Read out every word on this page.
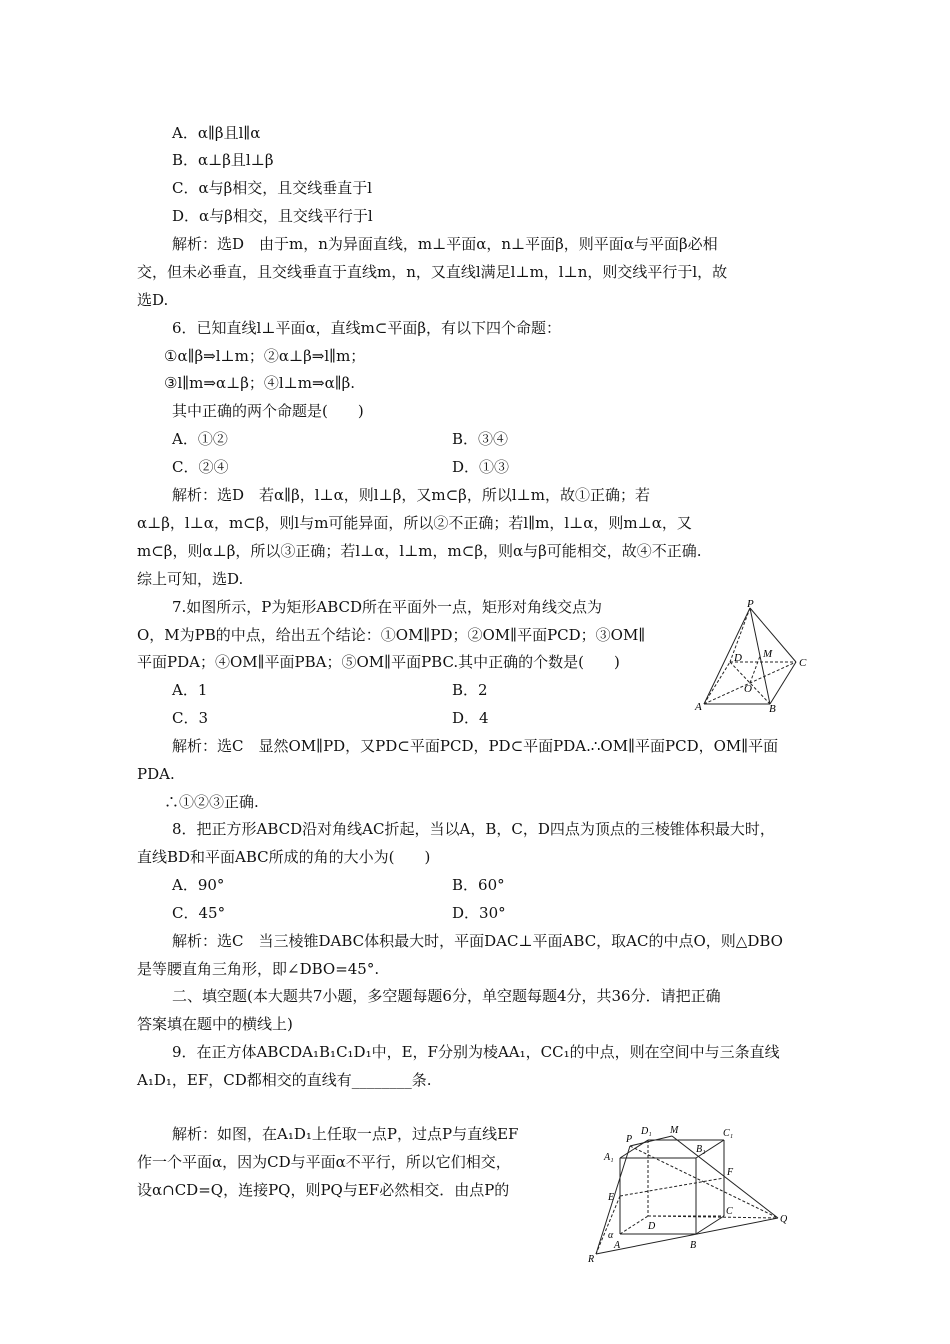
A．α∥β且l∥α
B．α⊥β且l⊥β
C．α与β相交，且交线垂直于l
D．α与β相交，且交线平行于l
解析：选D　由于m，n为异面直线，m⊥平面α，n⊥平面β，则平面α与平面β必相
交，但未必垂直，且交线垂直于直线m，n，又直线l满足l⊥m，l⊥n，则交线平行于l，故
选D.
6．已知直线l⊥平面α，直线m⊂平面β，有以下四个命题：
①α∥β⇒l⊥m；②α⊥β⇒l∥m；
③l∥m⇒α⊥β；④l⊥m⇒α∥β.
其中正确的两个命题是(　　)
A．①②	B．③④
C．②④	D．①③
解析：选D　若α∥β，l⊥α，则l⊥β，又m⊂β，所以l⊥m，故①正确；若
α⊥β，l⊥α，m⊂β，则l与m可能异面，所以②不正确；若l∥m，l⊥α，则m⊥α，又
m⊂β，则α⊥β，所以③正确；若l⊥α，l⊥m，m⊂β，则α与β可能相交，故④不正确.
综上可知，选D.
7.如图所示，P为矩形ABCD所在平面外一点，矩形对角线交点为
O，M为PB的中点，给出五个结论：①OM∥PD；②OM∥平面PCD；③OM∥
平面PDA；④OM∥平面PBA；⑤OM∥平面PBC.其中正确的个数是(　　)
A．1	B．2
C．3	D．4
解析：选C　显然OM∥PD，又PD⊂平面PCD，PD⊂平面PDA.∴OM∥平面PCD，OM∥平面
PDA.
∴①②③正确.
P
D M
C
O
A	B
8．把正方形ABCD沿对角线AC折起，当以A，B，C，D四点为顶点的三棱锥体积最大时，
直线BD和平面ABC所成的角的大小为(　　)
A．90°	B．60°
C．45°	D．30°
解析：选C　当三棱锥DABC体积最大时，平面DAC⊥平面ABC，取AC的中点O，则△DBO
是等腰直角三角形，即∠DBO=45°.
二、填空题(本大题共7小题，多空题每题6分，单空题每题4分，共36分．请把正确
答案填在题中的横线上)
9．在正方体ABCDA₁B₁C₁D₁中，E，F分别为棱AA₁，CC₁的中点，则在空间中与三条直线
A₁D₁，EF，CD都相交的直线有________条.
解析：如图，在A₁D₁上任取一点P，过点P与直线EF
作一个平面α，因为CD与平面α不平行，所以它们相交，
设α∩CD=Q，连接PQ，则PQ与EF必然相交．由点P的
P
D₁ M	C₁
A₁
B₁
F
E
D
C
Q
α
A	B
R
